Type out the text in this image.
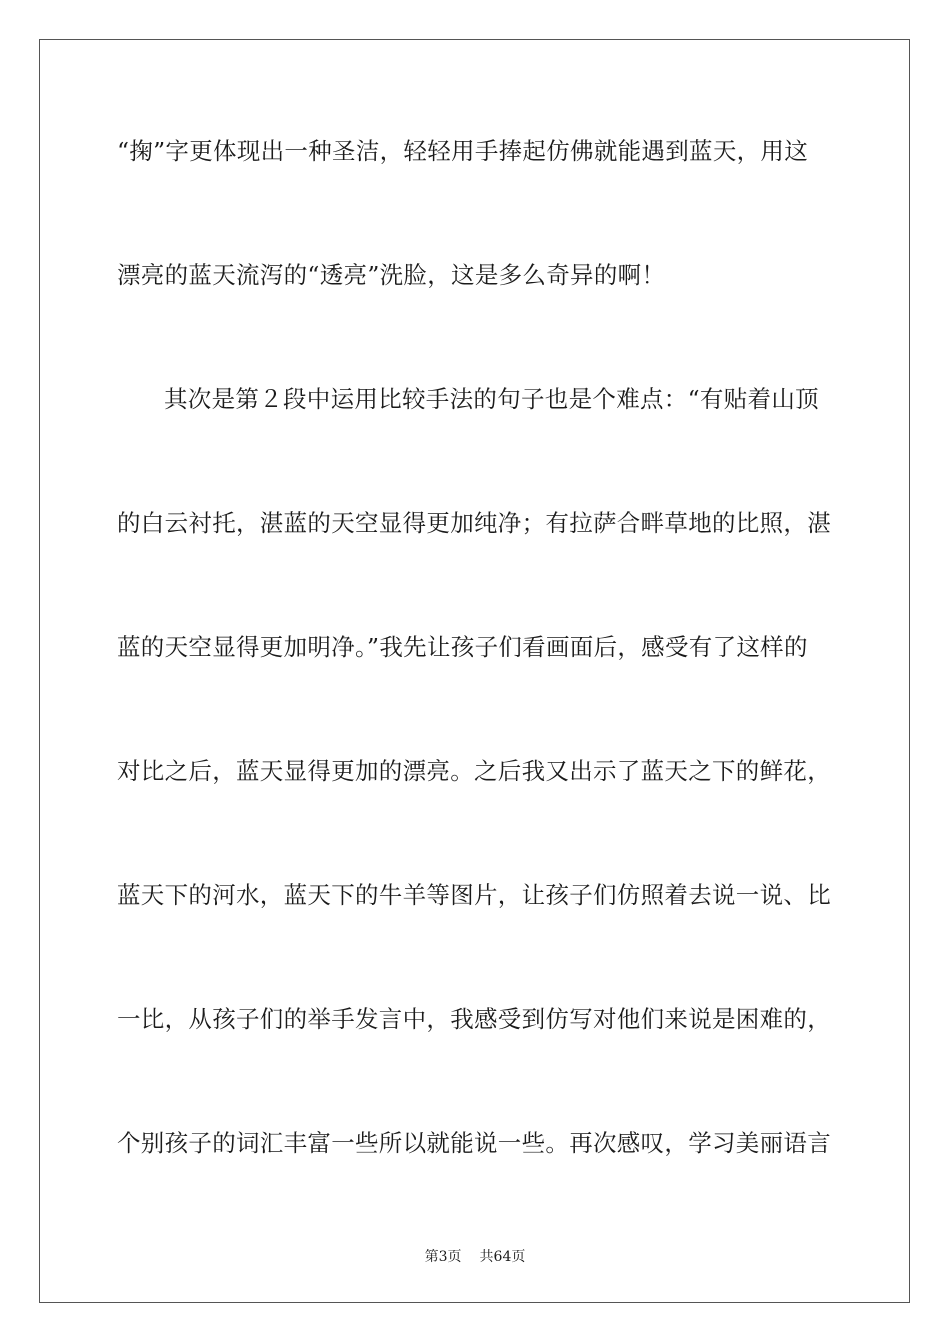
“掬”字更体现出一种圣洁，轻轻用手捧起仿佛就能遇到蓝天，用这
漂亮的蓝天流泻的“透亮”洗脸，这是多么奇异的啊！
其次是第２段中运用比较手法的句子也是个难点：“有贴着山顶
的白云衬托，湛蓝的天空显得更加纯净；有拉萨合畔草地的比照，湛
蓝的天空显得更加明净。”我先让孩子们看画面后，感受有了这样的
对比之后，蓝天显得更加的漂亮。之后我又出示了蓝天之下的鲜花，
蓝天下的河水，蓝天下的牛羊等图片，让孩子们仿照着去说一说、比
一比，从孩子们的举手发言中，我感受到仿写对他们来说是困难的，
个别孩子的词汇丰富一些所以就能说一些。再次感叹，学习美丽语言
第3页 共64页
